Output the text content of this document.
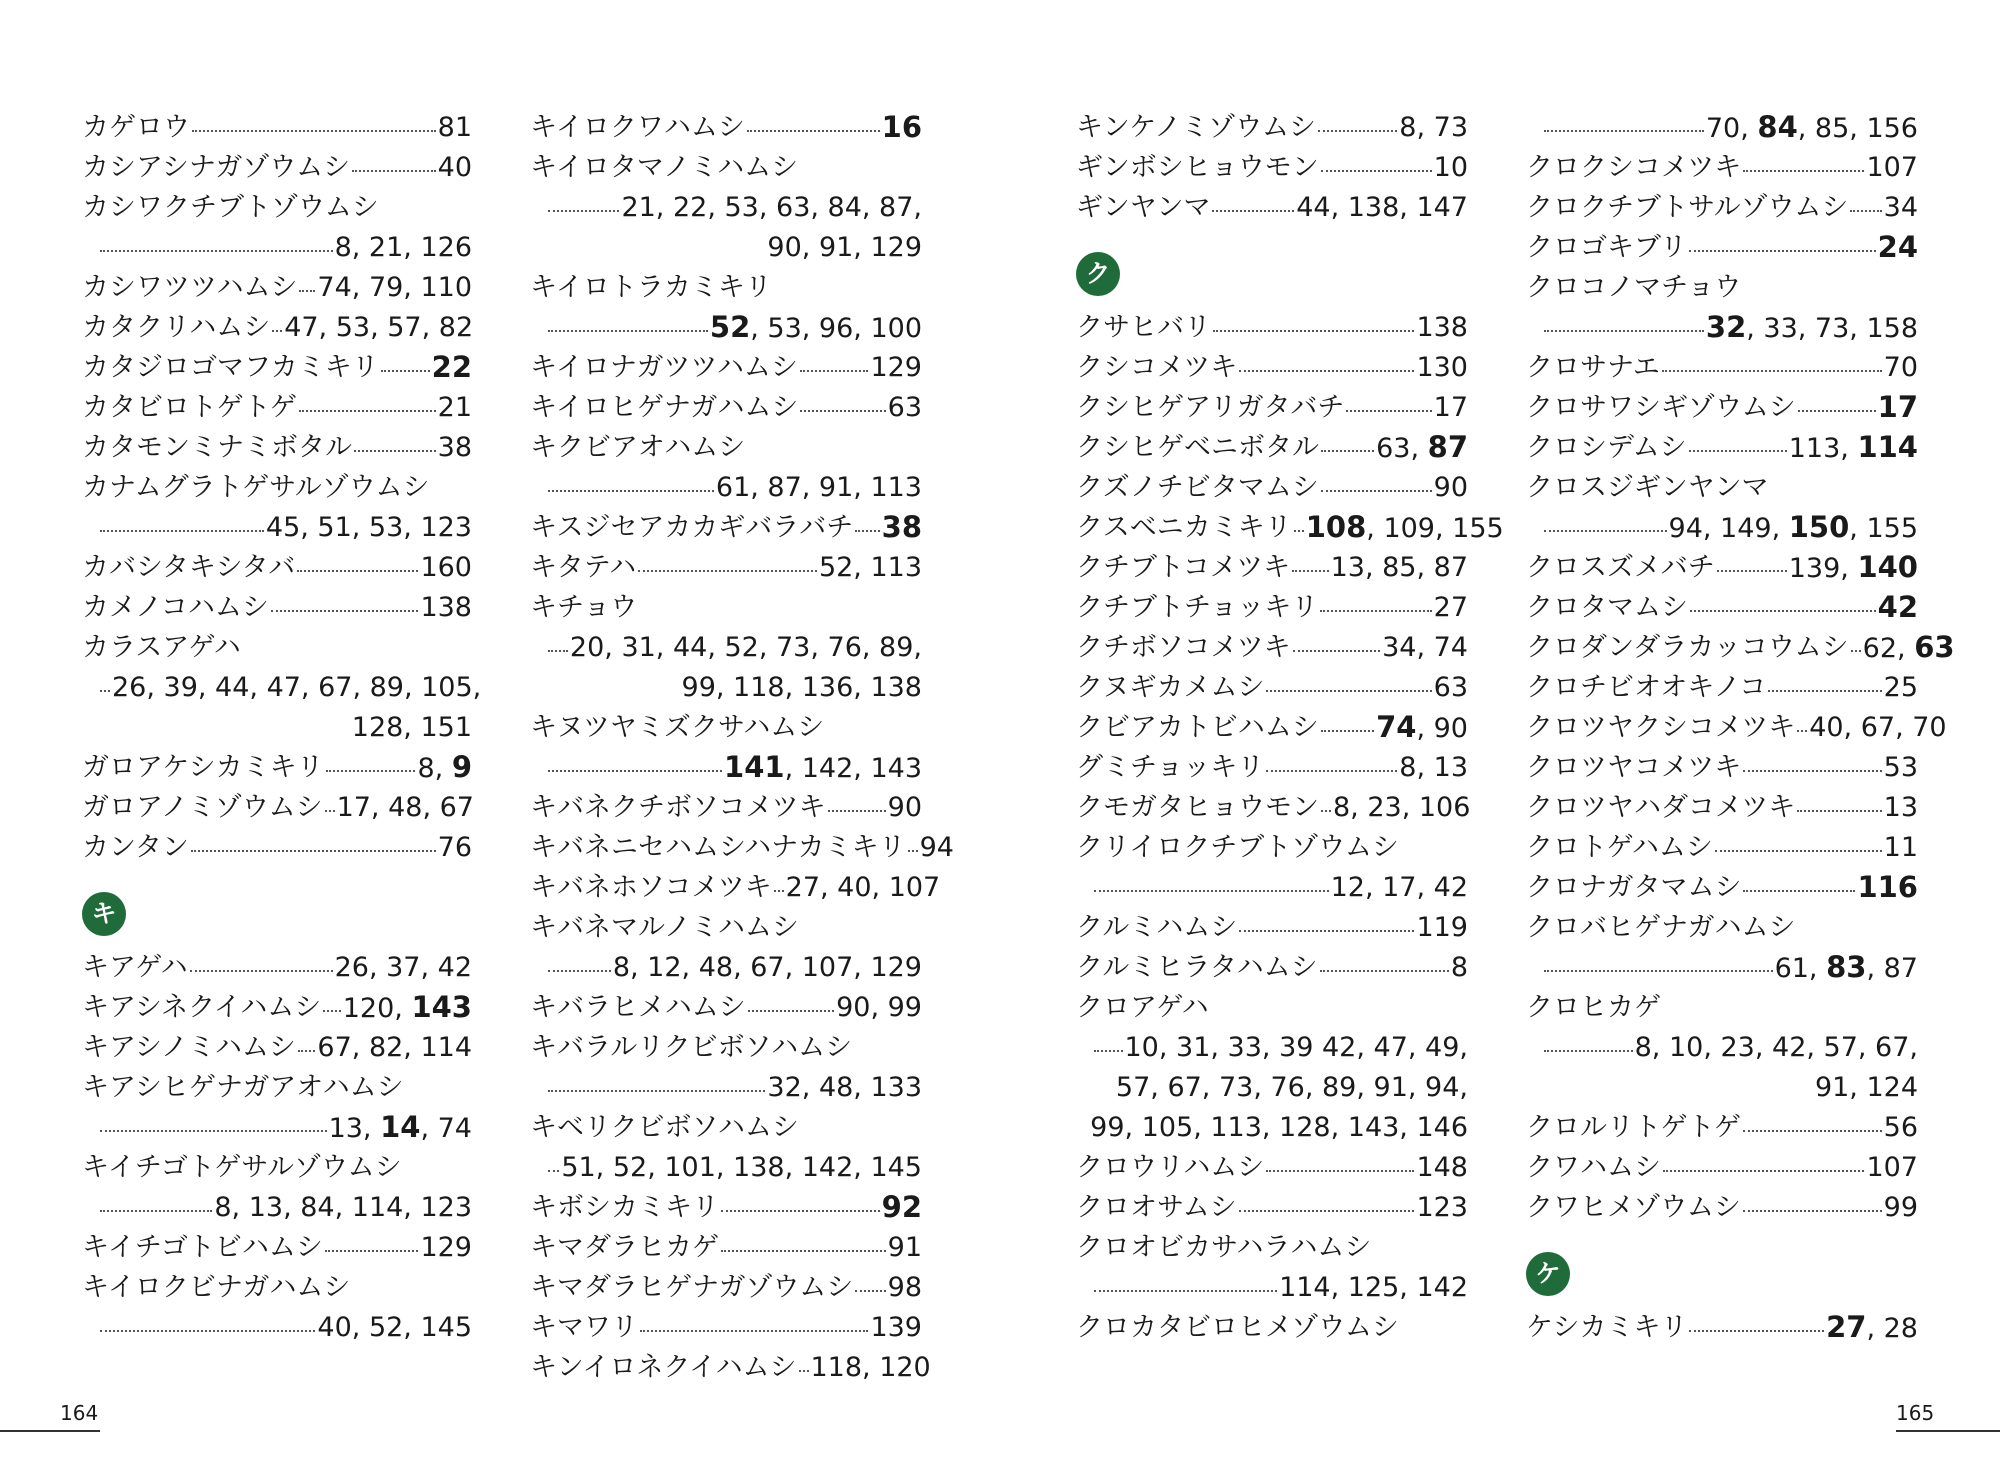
カゲロウ	81
カシアシナガゾウムシ	40
カシワクチブトゾウムシ
8, 21, 126
カシワツツハムシ 74, 79, 110
カタクリハムシ 47, 53, 57, 82
カタジロゴマフカミキリ 22
カタビロトゲトゲ	21
カタモンミナミボタル	38
カナムグラトゲサルゾウムシ
45, 51, 53, 123
カバシタキシタバ	160
カメノコハムシ	138
カラスアゲハ
26, 39, 44, 47, 67, 89, 105,
128, 151
ガロアケシカミキリ	8, 9
ガロアノミゾウムシ 17, 48, 67
カンタン	76
キ
キアゲハ	26, 37, 42
キアシネクイハムシ 120, 143
キアシノミハムシ 67, 82, 114
キアシヒゲナガアオハムシ
13, 14, 74
キイチゴトゲサルゾウムシ
8, 13, 84, 114, 123
キイチゴトビハムシ	129
キイロクビナガハムシ
40, 52, 145
キイロクワハムシ	16
キイロタマノミハムシ
21, 22, 53, 63, 84, 87,
90, 91, 129
キイロトラカミキリ
52, 53, 96, 100
キイロナガツツハムシ	129
キイロヒゲナガハムシ	63
キクビアオハムシ
61, 87, 91, 113
キスジセアカカギバラバチ 38
キタテハ	52, 113
キチョウ
20, 31, 44, 52, 73, 76, 89,
99, 118, 136, 138
キヌツヤミズクサハムシ
141, 142, 143
キバネクチボソコメツキ 90
キバネニセハムシハナカミキリ 94
キバネホソコメツキ 27, 40, 107
キバネマルノミハムシ
8, 12, 48, 67, 107, 129
キバラヒメハムシ	90, 99
キバラルリクビボソハムシ
32, 48, 133
キベリクビボソハムシ
51, 52, 101, 138, 142, 145
キボシカミキリ	92
キマダラヒカゲ	91
キマダラヒゲナガゾウムシ 98
キマワリ	139
キンイロネクイハムシ 118, 120
キンケノミゾウムシ	8, 73
ギンボシヒョウモン	10
ギンヤンマ	44, 138, 147
ク
クサヒバリ	138
クシコメツキ	130
クシヒゲアリガタバチ	17
クシヒゲベニボタル 63, 87
クズノチビタマムシ	90
クスベニカミキリ 108, 109, 155
クチブトコメツキ 13, 85, 87
クチブトチョッキリ	27
クチボソコメツキ	34, 74
クヌギカメムシ	63
クビアカトビハムシ 74, 90
グミチョッキリ	8, 13
クモガタヒョウモン 8, 23, 106
クリイロクチブトゾウムシ
12, 17, 42
クルミハムシ	119
クルミヒラタハムシ	8
クロアゲハ
10, 31, 33, 39 42, 47, 49,
57, 67, 73, 76, 89, 91, 94,
99, 105, 113, 128, 143, 146
クロウリハムシ	148
クロオサムシ	123
クロオビカサハラハムシ
114, 125, 142
クロカタビロヒメゾウムシ
70, 84, 85, 156
クロクシコメツキ	107
クロクチブトサルゾウムシ 34
クロゴキブリ	24
クロコノマチョウ
32, 33, 73, 158
クロサナエ	70
クロサワシギゾウムシ	17
クロシデムシ	113, 114
クロスジギンヤンマ
94, 149, 150, 155
クロスズメバチ	139, 140
クロタマムシ	42
クロダンダラカッコウムシ 62, 63
クロチビオオキノコ	25
クロツヤクシコメツキ 40, 67, 70
クロツヤコメツキ	53
クロツヤハダコメツキ	13
クロトゲハムシ	11
クロナガタマムシ	116
クロバヒゲナガハムシ
61, 83, 87
クロヒカゲ
8, 10, 23, 42, 57, 67,
91, 124
クロルリトゲトゲ	56
クワハムシ	107
クワヒメゾウムシ	99
ケ
ケシカミキリ	27, 28
164	165
